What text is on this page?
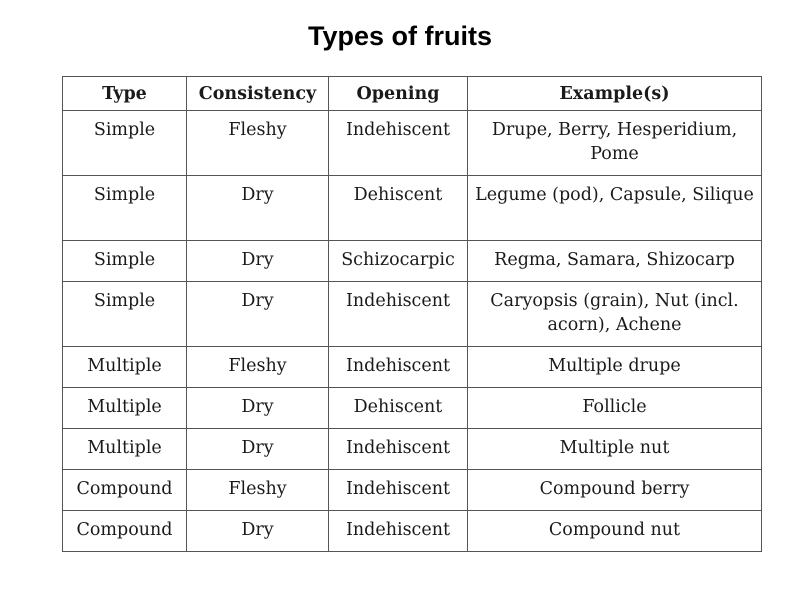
Types of fruits
Type	Consistency	Opening	Example(s)
Simple	Fleshy	Indehiscent	Drupe, Berry, Hesperidium, Pome
Simple	Dry	Dehiscent	Legume (pod), Capsule, Silique
Simple	Dry	Schizocarpic	Regma, Samara, Shizocarp
Simple	Dry	Indehiscent	Caryopsis (grain), Nut (incl. acorn), Achene
Multiple	Fleshy	Indehiscent	Multiple drupe
Multiple	Dry	Dehiscent	Follicle
Multiple	Dry	Indehiscent	Multiple nut
Compound	Fleshy	Indehiscent	Compound berry
Compound	Dry	Indehiscent	Compound nut
